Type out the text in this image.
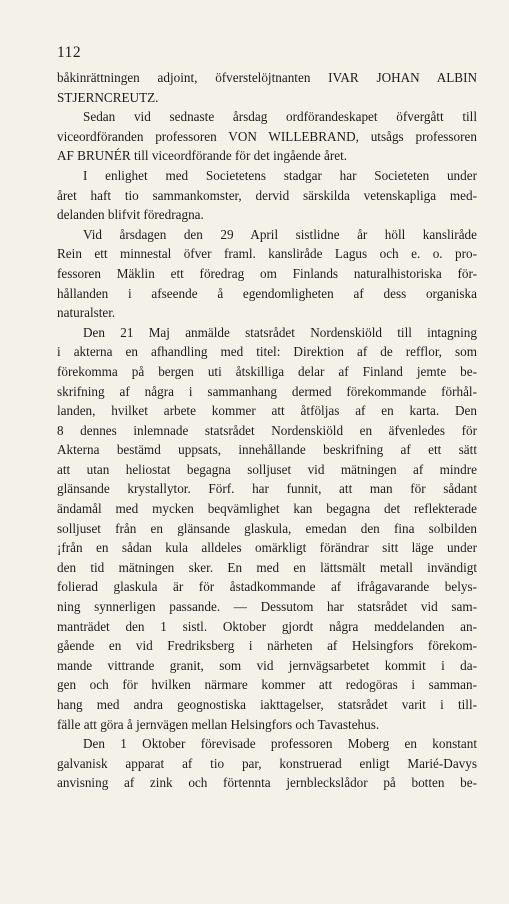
112
båkinrättningen adjoint, öfverstelöjtnanten IVAR JOHAN ALBIN
STJERNCREUTZ.
Sedan vid sednaste årsdag ordförandeskapet öfvergått till
viceordföranden professoren VON WILLEBRAND, utsågs professoren
AF BRUNÉR till viceordförande för det ingående året.
I enlighet med Societetens stadgar har Societeten under
året haft tio sammankomster, dervid särskilda vetenskapliga med-
delanden blifvit föredragna.
Vid årsdagen den 29 April sistlidne år höll kansliråde
Rein ett minnestal öfver framl. kansliråde Lagus och e. o. pro-
fessoren Mäklin ett föredrag om Finlands naturalhistoriska för-
hållanden i afseende å egendomligheten af dess organiska
naturalster.
Den 21 Maj anmälde statsrådet Nordenskiöld till intagning
i akterna en afhandling med titel: Direktion af de refflor, som
förekomma på bergen uti åtskilliga delar af Finland jemte be-
skrifning af några i sammanhang dermed förekommande förhål-
landen, hvilket arbete kommer att åtföljas af en karta. Den
8 dennes inlemnade statsrådet Nordenskiöld en äfvenledes för
Akterna bestämd uppsats, innehållande beskrifning af ett sätt
att utan heliostat begagna solljuset vid mätningen af mindre
glänsande krystallytor. Förf. har funnit, att man för sådant
ändamål med mycken beqvämlighet kan begagna det reflekterade
solljuset från en glänsande glaskula, emedan den fina solbilden
¡från en sådan kula alldeles omärkligt förändrar sitt läge under
den tid mätningen sker. En med en lättsmält metall invändigt
folierad glaskula är för åstadkommande af ifrågavarande belys-
ning synnerligen passande. — Dessutom har statsrådet vid sam-
manträdet den 1 sistl. Oktober gjordt några meddelanden an-
gående en vid Fredriksberg i närheten af Helsingfors förekom-
mande vittrande granit, som vid jernvägsarbetet kommit i da-
gen och för hvilken närmare kommer att redogöras i samman-
hang med andra geognostiska iakttagelser, statsrådet varit i till-
fälle att göra å jernvägen mellan Helsingfors och Tavastehus.
Den 1 Oktober förevisade professoren Moberg en konstant
galvanisk apparat af tio par, konstruerad enligt Marié-Davys
anvisning af zink och förtennta jernbleckslådor på botten be-
